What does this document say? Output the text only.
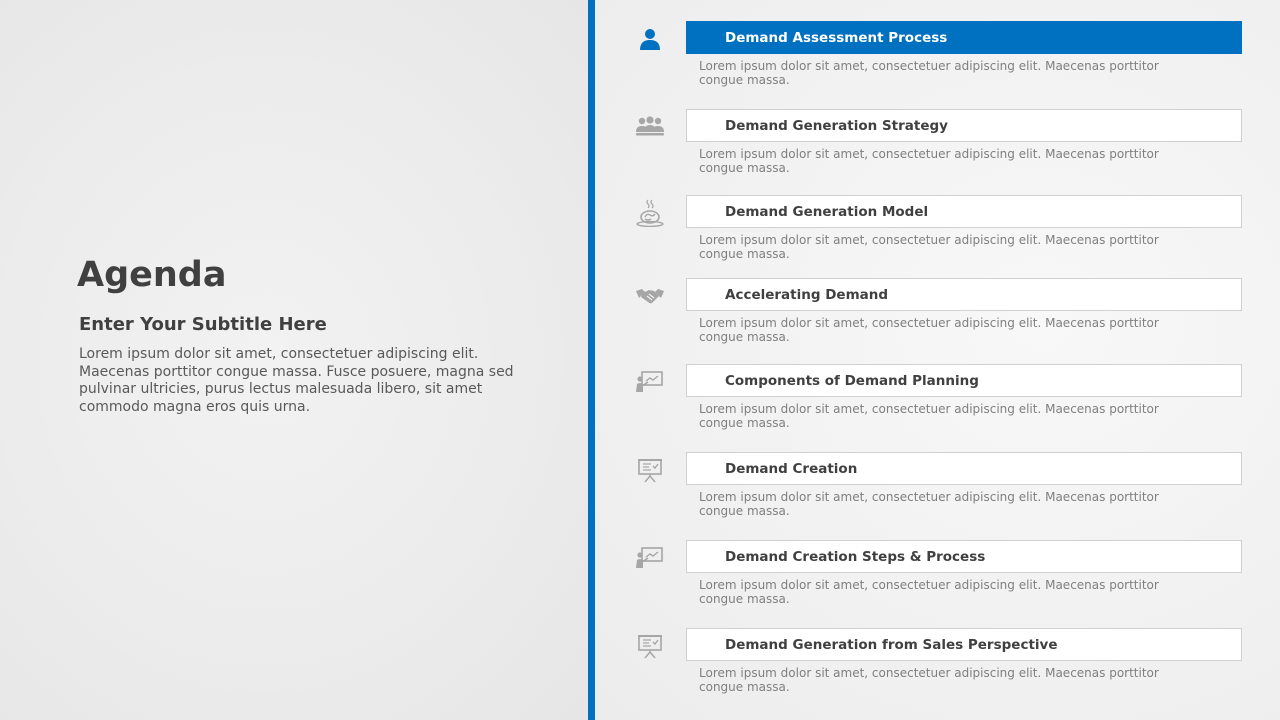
Agenda
Enter Your Subtitle Here

Lorem ipsum dolor sit amet, consectetuer adipiscing elit. Maecenas porttitor congue massa. Fusce posuere, magna sed pulvinar ultricies, purus lectus malesuada libero, sit amet commodo magna eros quis urna.

Demand Assessment Process

Lorem ipsum dolor sit amet, consectetuer adipiscing elit. Maecenas porttitor congue massa.

Demand Generation Strategy

Lorem ipsum dolor sit amet, consectetuer adipiscing elit. Maecenas porttitor congue massa.

Demand Generation Model

Lorem ipsum dolor sit amet, consectetuer adipiscing elit. Maecenas porttitor congue massa.

Accelerating Demand

Lorem ipsum dolor sit amet, consectetuer adipiscing elit. Maecenas porttitor congue massa.

Components of Demand Planning

Lorem ipsum dolor sit amet, consectetuer adipiscing elit. Maecenas porttitor congue massa.

Demand Creation

Lorem ipsum dolor sit amet, consectetuer adipiscing elit. Maecenas porttitor congue massa.

Demand Creation Steps & Process

Lorem ipsum dolor sit amet, consectetuer adipiscing elit. Maecenas porttitor congue massa.

Demand Generation from Sales Perspective

Lorem ipsum dolor sit amet, consectetuer adipiscing elit. Maecenas porttitor congue massa.
